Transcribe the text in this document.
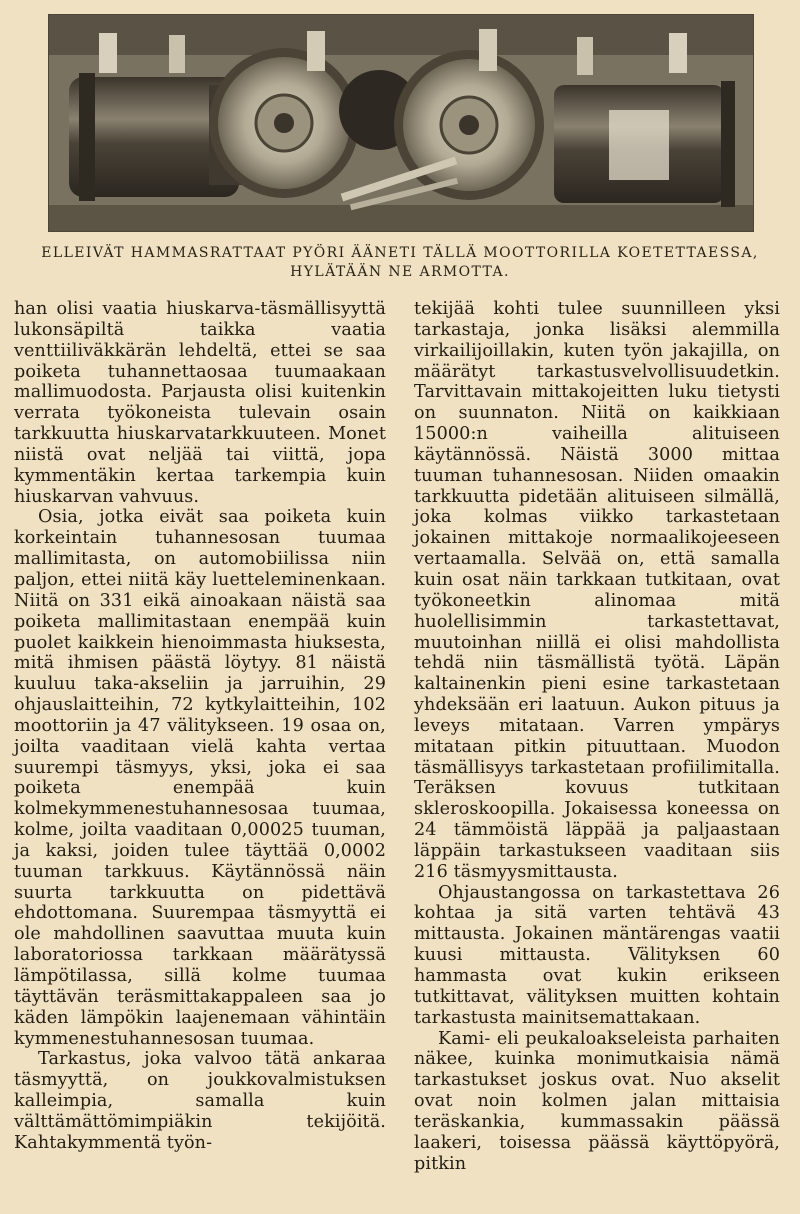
ELLEIVÄT HAMMASRATTAAT PYÖRI ÄÄNETI TÄLLÄ MOOTTORILLA KOETETTAESSA, HYLÄTÄÄN NE ARMOTTA.

han olisi vaatia hiuskarva-täsmällisyyttä lukonsäpiltä taikka vaatia venttiiliväkkärän lehdeltä, ettei se saa poiketa tuhannettaosaa tuumaakaan mallimuodosta. Parjausta olisi kuitenkin verrata työkoneista tulevain osain tarkkuutta hiuskarvatarkkuuteen. Monet niistä ovat neljää tai viittä, jopa kymmentäkin kertaa tarkempia kuin hiuskarvan vahvuus.

Osia, jotka eivät saa poiketa kuin korkeintain tuhannesosan tuumaa mallimitasta, on automobiilissa niin paljon, ettei niitä käy luetteleminenkaan. Niitä on 331 eikä ainoakaan näistä saa poiketa mallimitastaan enempää kuin puolet kaikkein hienoimmasta hiuksesta, mitä ihmisen päästä löytyy. 81 näistä kuuluu taka-akseliin ja jarruihin, 29 ohjauslaitteihin, 72 kytkylaitteihin, 102 moottoriin ja 47 välitykseen. 19 osaa on, joilta vaaditaan vielä kahta vertaa suurempi täsmyys, yksi, joka ei saa poiketa enempää kuin kolmekymmenestuhannesosaa tuumaa, kolme, joilta vaaditaan 0,00025 tuuman, ja kaksi, joiden tulee täyttää 0,0002 tuuman tarkkuus. Käytännössä näin suurta tarkkuutta on pidettävä ehdottomana. Suurempaa täsmyyttä ei ole mahdollinen saavuttaa muuta kuin laboratoriossa tarkkaan määrätyssä lämpötilassa, sillä kolme tuumaa täyttävän teräsmittakappaleen saa jo käden lämpökin laajenemaan vähintäin kymmenestuhannesosan tuumaa.

Tarkastus, joka valvoo tätä ankaraa täsmyyttä, on joukkovalmistuksen kalleimpia, samalla kuin välttämättömimpiäkin tekijöitä. Kahtakymmentä työn-

tekijää kohti tulee suunnilleen yksi tarkastaja, jonka lisäksi alemmilla virkailijoillakin, kuten työn jakajilla, on määrätyt tarkastusvelvollisuudetkin. Tarvittavain mittakojeitten luku tietysti on suunnaton. Niitä on kaikkiaan 15000:n vaiheilla alituiseen käytännössä. Näistä 3000 mittaa tuuman tuhannesosan. Niiden omaakin tarkkuutta pidetään alituiseen silmällä, joka kolmas viikko tarkastetaan jokainen mittakoje normaalikojeeseen vertaamalla. Selvää on, että samalla kuin osat näin tarkkaan tutkitaan, ovat työkoneetkin alinomaa mitä huolellisimmin tarkastettavat, muutoinhan niillä ei olisi mahdollista tehdä niin täsmällistä työtä. Läpän kaltainenkin pieni esine tarkastetaan yhdeksään eri laatuun. Aukon pituus ja leveys mitataan. Varren ympärys mitataan pitkin pituuttaan. Muodon täsmällisyys tarkastetaan profiilimitalla. Teräksen kovuus tutkitaan skleroskoopilla. Jokaisessa koneessa on 24 tämmöistä läppää ja paljaastaan läppäin tarkastukseen vaaditaan siis 216 täsmyysmittausta.

Ohjaustangossa on tarkastettava 26 kohtaa ja sitä varten tehtävä 43 mittausta. Jokainen mäntärengas vaatii kuusi mittausta. Välityksen 60 hammasta ovat kukin erikseen tutkittavat, välityksen muitten kohtain tarkastusta mainitsemattakaan.

Kami- eli peukaloakseleista parhaiten näkee, kuinka monimutkaisia nämä tarkastukset joskus ovat. Nuo akselit ovat noin kolmen jalan mittaisia teräskankia, kummassakin päässä laakeri, toisessa päässä käyttöpyörä, pitkin
